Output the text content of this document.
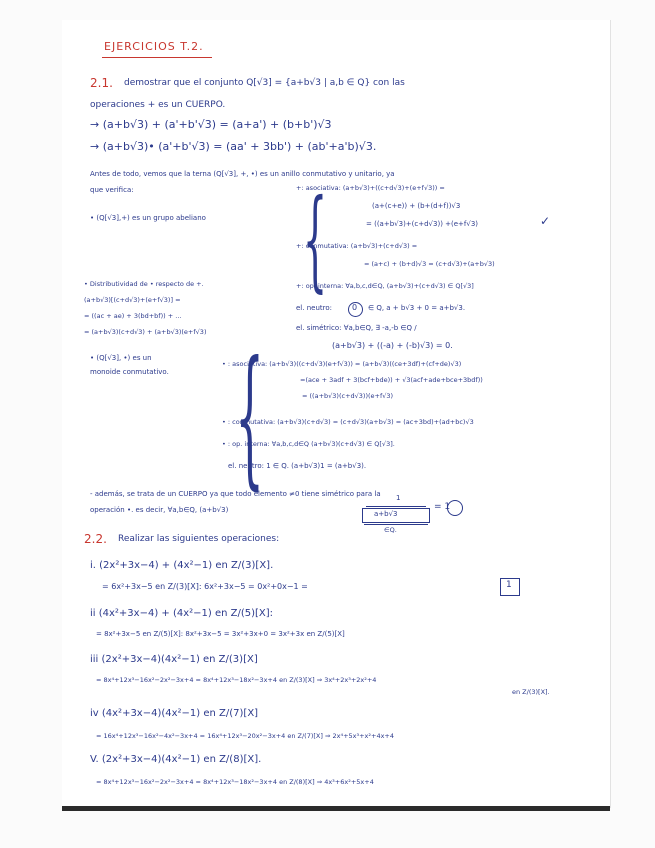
EJERCICIOS T.2.
2.1. demostrar que el conjunto Q[√3] = {a+b√3 | a,b ∈ Q} con las
operaciones + es un CUERPO.
→ (a+b√3) + (a'+b'√3) = (a+a') + (b+b')√3
→ (a+b√3)• (a'+b'√3) = (aa' + 3bb') + (ab'+a'b)√3.
Antes de todo, vemos que la terna (Q[√3], +, •) es un anillo conmutativo y unitario, ya
que verifica:
• (Q[√3],+) es un grupo abeliano {
+: asociativa: (a+b√3)+((c+d√3)+(e+f√3)) =
(a+(c+e)) + (b+(d+f))√3
= ((a+b√3)+(c+d√3)) +(e+f√3)	✓
+: conmutativa: (a+b√3)+(c+d√3) =
= (a+c) + (b+d)√3 = (c+d√3)+(a+b√3)
+: op. interna: ∀a,b,c,d∈Q, (a+b√3)+(c+d√3) ∈ Q[√3]
el. neutro:	0 ∈ Q, a + b√3 + 0 = a+b√3.
el. simétrico: ∀a,b∈Q, ∃ -a,-b ∈Q /
(a+b√3) + ((-a) + (-b)√3) = 0.
• Distributividad de • respecto de +.
(a+b√3)[(c+d√3)+(e+f√3)] =
= ((ac + ae) + 3(bd+bf)) + ...
= (a+b√3)(c+d√3) + (a+b√3)(e+f√3)
• (Q[√3], •) es un
monoide conmutativo. {
• : asociativa: (a+b√3)((c+d√3)(e+f√3)) = (a+b√3)((ce+3df)+(cf+de)√3)
=(ace + 3adf + 3(bcf+bde)) + √3(acf+ade+bce+3bdf))
= ((a+b√3)(c+d√3))(e+f√3)
• : conmutativa: (a+b√3)(c+d√3) = (c+d√3)(a+b√3) = (ac+3bd)+(ad+bc)√3
• : op. interna: ∀a,b,c,d∈Q (a+b√3)(c+d√3) ∈ Q[√3].
el. neutro: 1 ∈ Q. (a+b√3)1 = (a+b√3).
- además, se trata de un CUERPO ya que todo elemento ≠0 tiene simétrico para la
operación •. es decir, ∀a,b∈Q, (a+b√3)
1
a+b√3
= 1
∈Q.
2.2. Realizar las siguientes operaciones:
i. (2x²+3x−4) + (4x²−1) en Z/(3)[X].
= 6x²+3x−5 en Z/(3)[X]: 6x²+3x−5 = 0x²+0x−1 =	1
ii (4x²+3x−4) + (4x²−1) en Z/(5)[X]:
= 8x²+3x−5 en Z/(5)[X]: 8x²+3x−5 = 3x²+3x+0 = 3x²+3x en Z/(5)[X]
iii (2x²+3x−4)(4x²−1) en Z/(3)[X]
= 8x⁴+12x³−16x²−2x²−3x+4 = 8x⁴+12x³−18x²−3x+4 en Z/(3)[X] ⇒ 3x⁴+2x³+2x²+4
en Z/(3)[X].
iv (4x²+3x−4)(4x²−1) en Z/(7)[X]
= 16x⁴+12x³−16x²−4x²−3x+4 = 16x⁴+12x³−20x²−3x+4 en Z/(7)[X] ⇒ 2x⁴+5x³+x²+4x+4
V. (2x²+3x−4)(4x²−1) en Z/(8)[X].
= 8x⁴+12x³−16x²−2x²−3x+4 = 8x⁴+12x³−18x²−3x+4 en Z/(8)[X] ⇒ 4x³+6x²+5x+4
